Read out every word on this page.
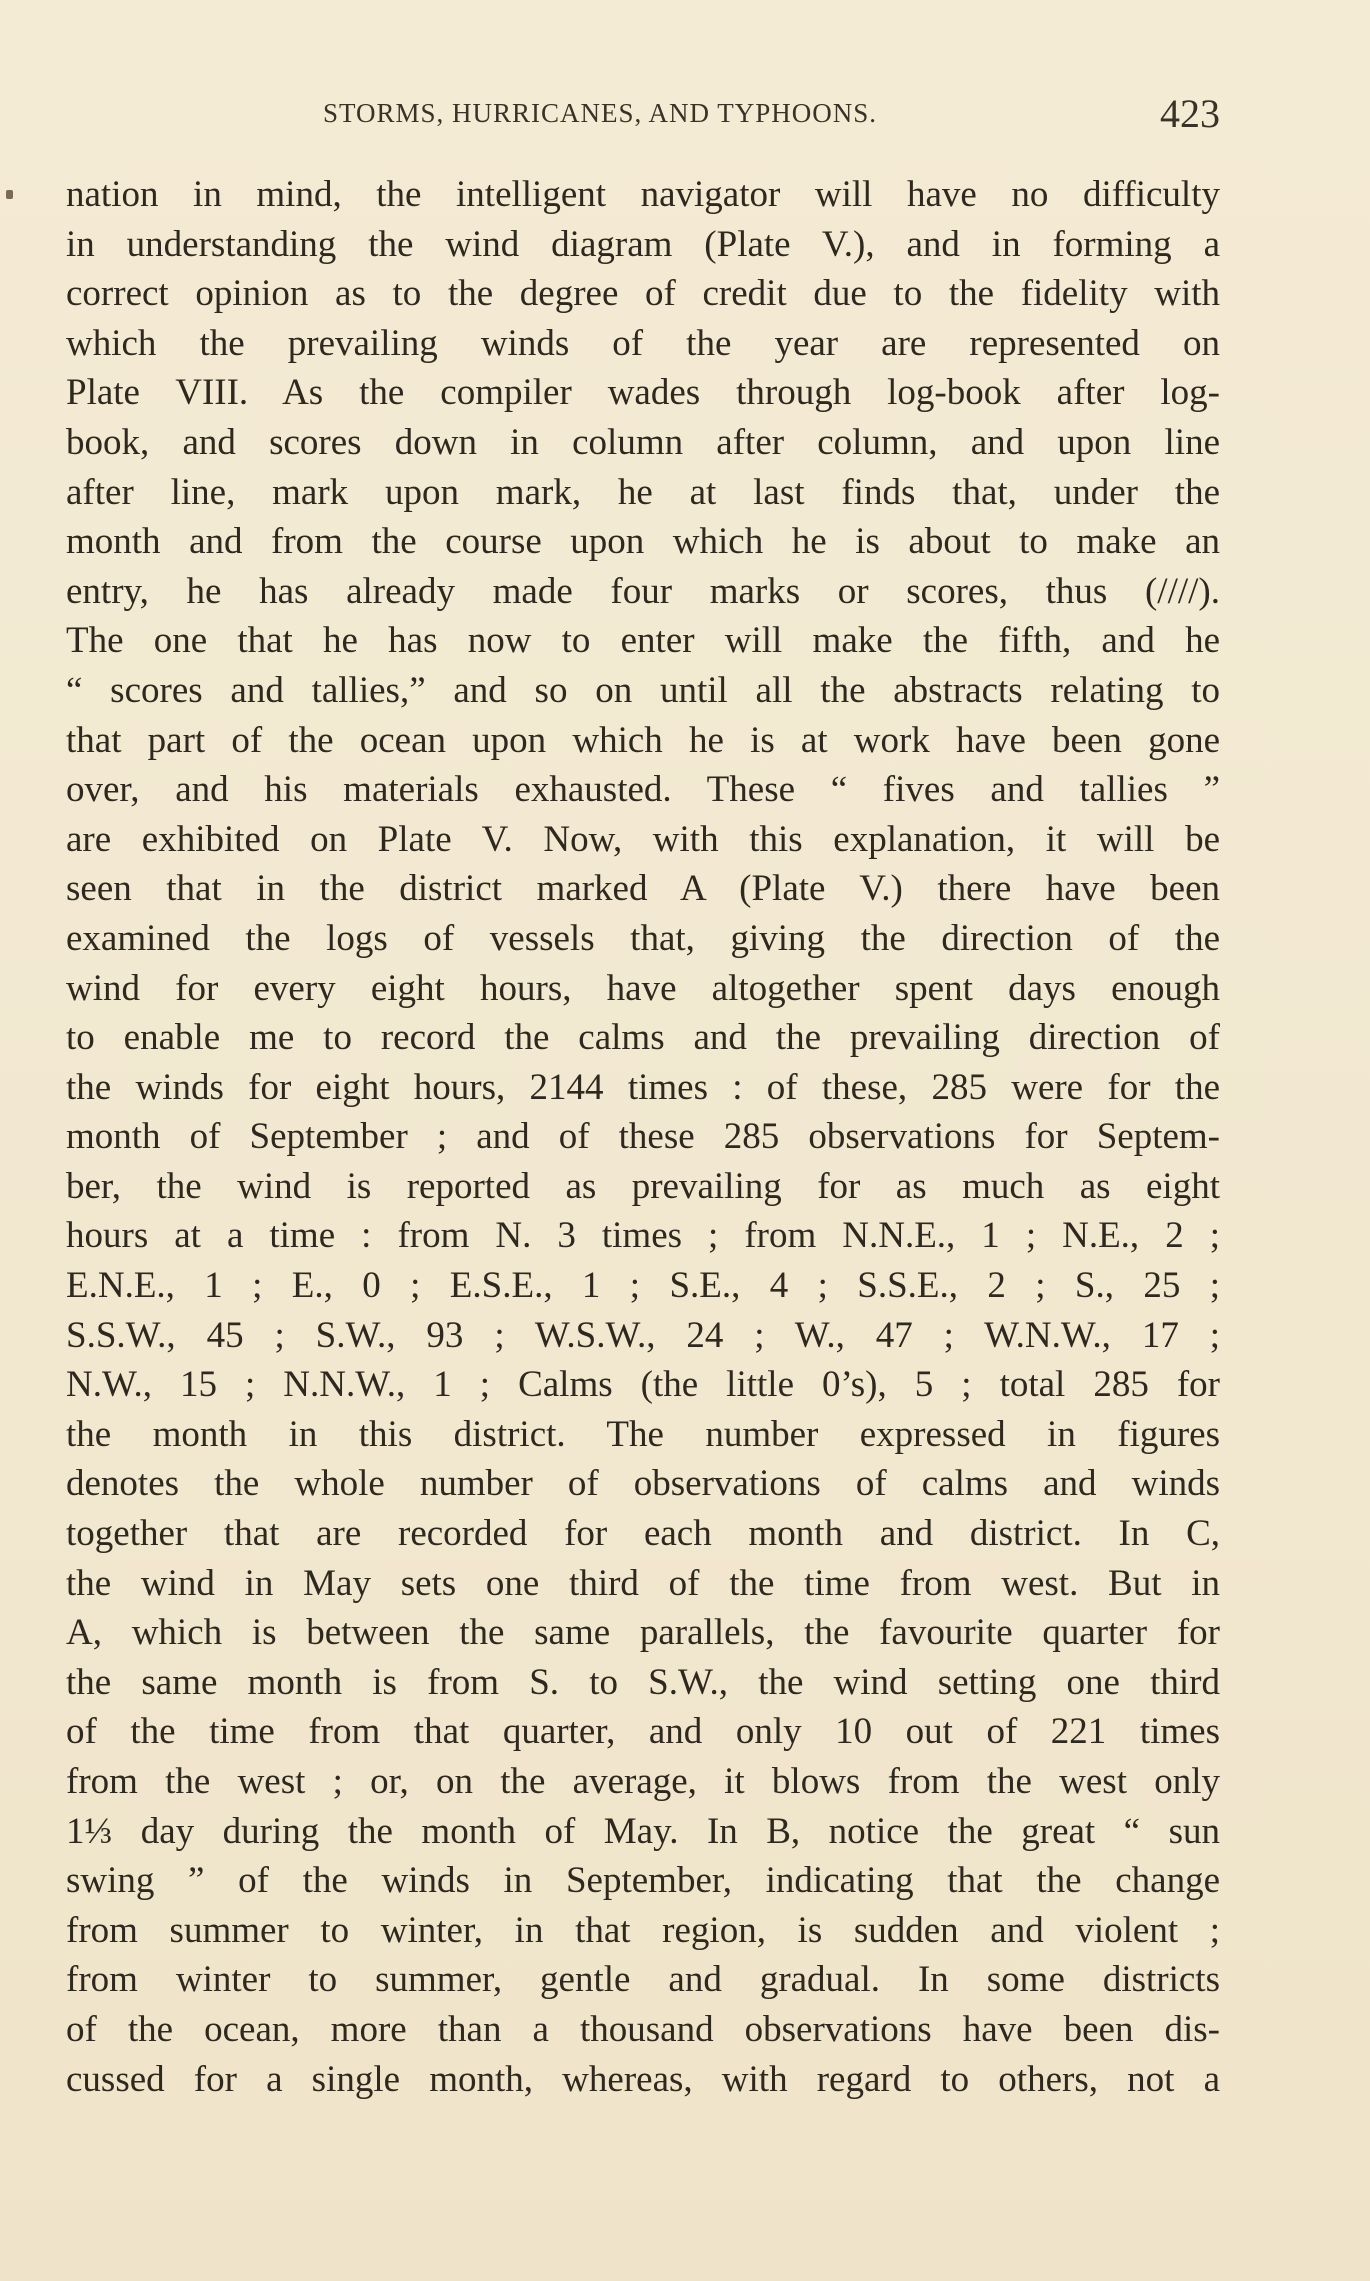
STORMS, HURRICANES, AND TYPHOONS.	423
nation in mind, the intelligent navigator will have no difficulty
in understanding the wind diagram (Plate V.), and in forming a
correct opinion as to the degree of credit due to the fidelity with
which the prevailing winds of the year are represented on
Plate VIII. As the compiler wades through log-book after log-
book, and scores down in column after column, and upon line
after line, mark upon mark, he at last finds that, under the
month and from the course upon which he is about to make an
entry, he has already made four marks or scores, thus (////).
The one that he has now to enter will make the fifth, and he
“ scores and tallies,” and so on until all the abstracts relating to
that part of the ocean upon which he is at work have been gone
over, and his materials exhausted. These “ fives and tallies ”
are exhibited on Plate V. Now, with this explanation, it will be
seen that in the district marked A (Plate V.) there have been
examined the logs of vessels that, giving the direction of the
wind for every eight hours, have altogether spent days enough
to enable me to record the calms and the prevailing direction of
the winds for eight hours, 2144 times : of these, 285 were for the
month of September ; and of these 285 observations for Septem-
ber, the wind is reported as prevailing for as much as eight
hours at a time : from N. 3 times ; from N.N.E., 1 ; N.E., 2 ;
E.N.E., 1 ; E., 0 ; E.S.E., 1 ; S.E., 4 ; S.S.E., 2 ; S., 25 ;
S.S.W., 45 ; S.W., 93 ; W.S.W., 24 ; W., 47 ; W.N.W., 17 ;
N.W., 15 ; N.N.W., 1 ; Calms (the little 0’s), 5 ; total 285 for
the month in this district. The number expressed in figures
denotes the whole number of observations of calms and winds
together that are recorded for each month and district. In C,
the wind in May sets one third of the time from west. But in
A, which is between the same parallels, the favourite quarter for
the same month is from S. to S.W., the wind setting one third
of the time from that quarter, and only 10 out of 221 times
from the west ; or, on the average, it blows from the west only
1⅓ day during the month of May. In B, notice the great “ sun
swing ” of the winds in September, indicating that the change
from summer to winter, in that region, is sudden and violent ;
from winter to summer, gentle and gradual. In some districts
of the ocean, more than a thousand observations have been dis-
cussed for a single month, whereas, with regard to others, not a
